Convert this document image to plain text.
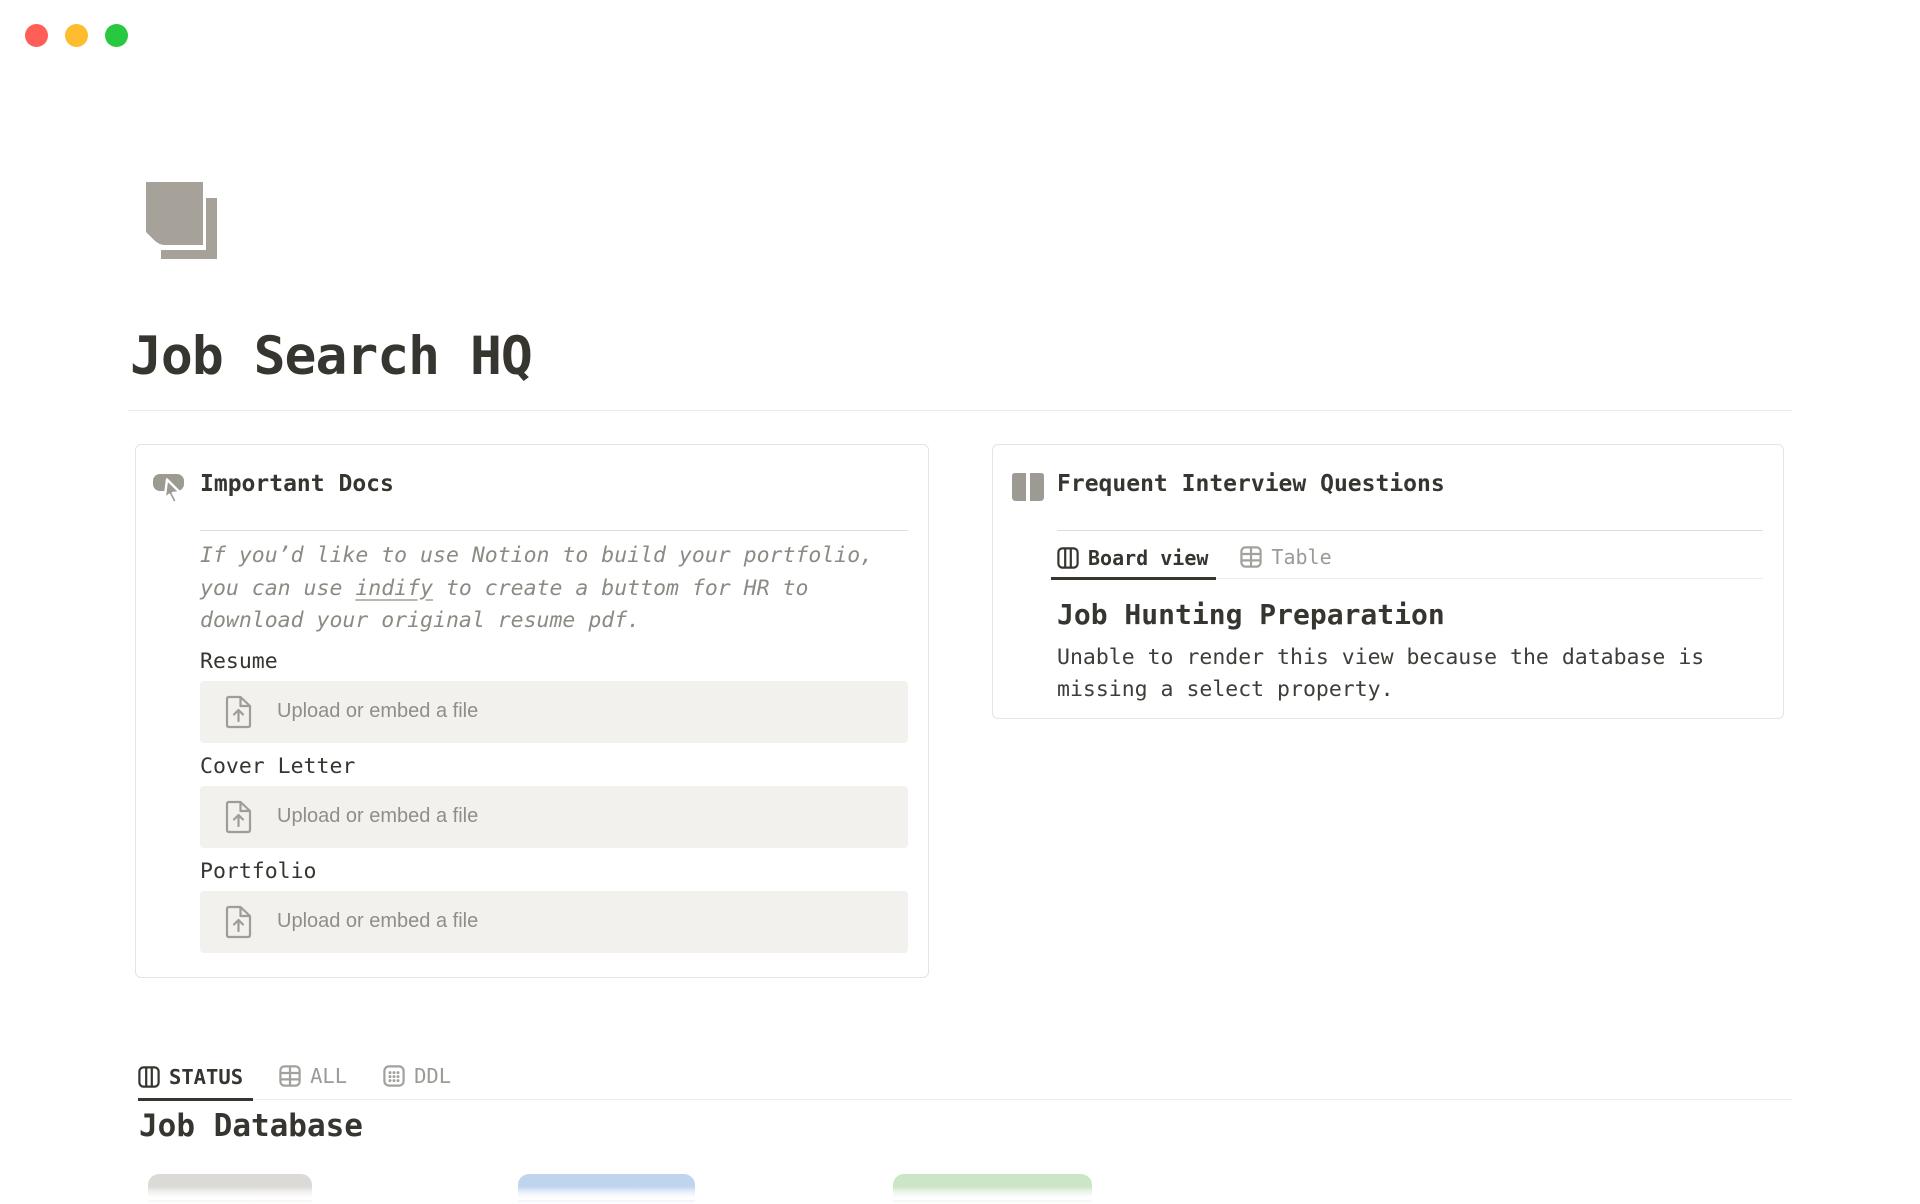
Job Search HQ
Important Docs
If you’d like to use Notion to build your portfolio, you can use indify to create a buttom for HR to download your original resume pdf.
Resume
Upload or embed a file
Cover Letter
Upload or embed a file
Portfolio
Upload or embed a file
Frequent Interview Questions
Board view	Table
Job Hunting Preparation
Unable to render this view because the database is missing a select property.
STATUS	ALL	DDL
Job Database
